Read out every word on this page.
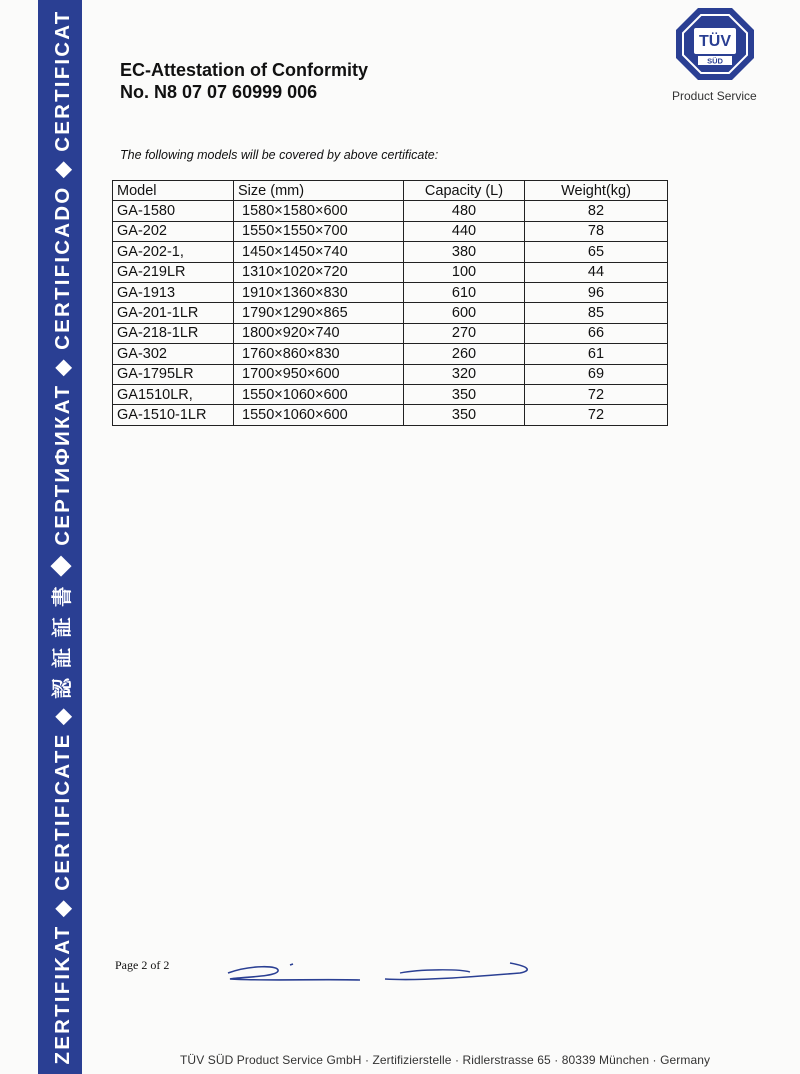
ZERTIFIKAT ◆ CERTIFICATE ◆ 認 証 証 書 ◆ СЕРТИФИКАТ ◆ CERTIFICADO ◆ CERTIFICAT	EC-Attestation of Conformity
No. N8 07 07 60999 006
TÜV
SÜD
Product Service
The following models will be covered by above certificate:
Model	Size (mm)	Capacity (L)	Weight(kg)
GA-1580	1580×1580×600	480	82
GA-202	1550×1550×700	440	78
GA-202-1,	1450×1450×740	380	65
GA-219LR	1310×1020×720	100	44
GA-1913	1910×1360×830	610	96
GA-201-1LR	1790×1290×865	600	85
GA-218-1LR	1800×920×740	270	66
GA-302	1760×860×830	260	61
GA-1795LR	1700×950×600	320	69
GA1510LR,	1550×1060×600	350	72
GA-1510-1LR	1550×1060×600	350	72
Page 2 of 2
TÜV SÜD Product Service GmbH · Zertifizierstelle · Ridlerstrasse 65 · 80339 München · Germany
